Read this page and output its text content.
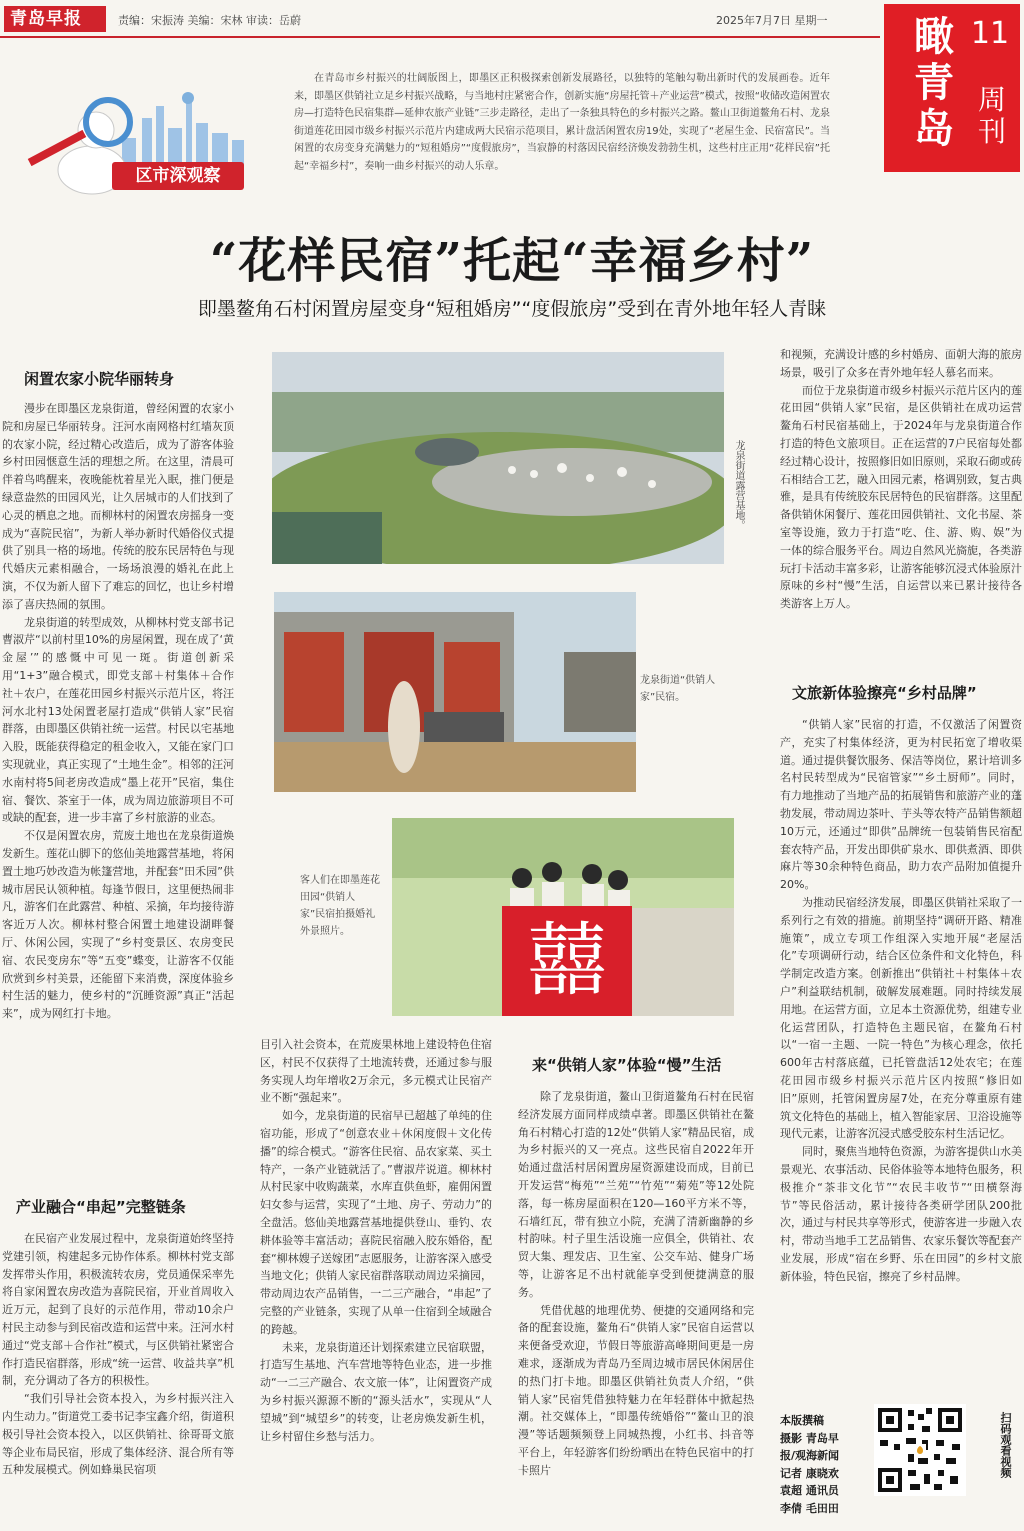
青岛早报	责编：宋振涛 美编：宋林 审读：岳蔚	2025年7月7日 星期一 瞰青岛
11
周刊
区市深观察
在青岛市乡村振兴的壮阔版图上，即墨区正积极探索创新发展路径，以独特的笔触勾勒出新时代的发展画卷。近年来，即墨区供销社立足乡村振兴战略，与当地村庄紧密合作，创新实施“房屋托管＋产业运营”模式，按照“收储改造闲置农房—打造特色民宿集群—延伸农旅产业链”三步走路径，走出了一条独具特色的乡村振兴之路。鳌山卫街道鳌角石村、龙泉街道莲花田园市级乡村振兴示范片内建成两大民宿示范项目，累计盘活闲置农房19处，实现了“老屋生金、民宿富民”。当闲置的农房变身充满魅力的“短租婚房”“度假旅房”，当寂静的村落因民宿经济焕发勃勃生机，这些村庄正用“花样民宿”托起“幸福乡村”，奏响一曲乡村振兴的动人乐章。
“花样民宿”托起“幸福乡村”
即墨鳌角石村闲置房屋变身“短租婚房”“度假旅房”受到在青外地年轻人青睐
闲置农家小院华丽转身

漫步在即墨区龙泉街道，曾经闲置的农家小院和房屋已华丽转身。汪河水南网格村红墙灰顶的农家小院，经过精心改造后，成为了游客体验乡村田园惬意生活的理想之所。在这里，清晨可伴着鸟鸣醒来，夜晚能枕着星光入眠，推门便是绿意盎然的田园风光，让久居城市的人们找到了心灵的栖息之地。而柳林村的闲置农房摇身一变成为“喜院民宿”，为新人举办新时代婚俗仪式提供了别具一格的场地。传统的胶东民居特色与现代婚庆元素相融合，一场场浪漫的婚礼在此上演，不仅为新人留下了难忘的回忆，也让乡村增添了喜庆热闹的氛围。

龙泉街道的转型成效，从柳林村党支部书记曹淑芹“以前村里10%的房屋闲置，现在成了‘黄金屋’”的感慨中可见一斑。街道创新采用“1+3”融合模式，即党支部＋村集体＋合作社＋农户，在莲花田园乡村振兴示范片区，将汪河水北村13处闲置老屋打造成“供销人家”民宿群落，由即墨区供销社统一运营。村民以宅基地入股，既能获得稳定的租金收入，又能在家门口实现就业，真正实现了“土地生金”。相邻的汪河水南村将5间老房改造成“墨上花开”民宿，集住宿、餐饮、茶室于一体，成为周边旅游项目不可或缺的配套，进一步丰富了乡村旅游的业态。

不仅是闲置农房，荒废土地也在龙泉街道焕发新生。莲花山脚下的悠仙美地露营基地，将闲置土地巧妙改造为帐篷营地，并配套“田禾园”供城市居民认领种植。每逢节假日，这里便热闹非凡，游客们在此露营、种植、采摘，年均接待游客近万人次。柳林村整合闲置土地建设湖畔餐厅、休闲公园，实现了“乡村变景区、农房变民宿、农民变房东”等“五变”蝶变，让游客不仅能欣赏到乡村美景，还能留下来消费，深度体验乡村生活的魅力，使乡村的“沉睡资源”真正“活起来”，成为网红打卡地。

产业融合“串起”完整链条

在民宿产业发展过程中，龙泉街道始终坚持党建引领，构建起多元协作体系。柳林村党支部发挥带头作用，积极流转农房，党员通保采率先将自家闲置农房改造为喜院民宿，开业首周收入近万元，起到了良好的示范作用，带动10余户村民主动参与到民宿改造和运营中来。汪河水村通过“党支部＋合作社”模式，与区供销社紧密合作打造民宿群落，形成“统一运营、收益共享”机制，充分调动了各方的积极性。

“我们引导社会资本投入，为乡村振兴注入内生动力。”街道党工委书记李宝鑫介绍，街道积极引导社会资本投入，以区供销社、徐哥哥文旅等企业布局民宿，形成了集体经济、混合所有等五种发展模式。例如蜂巢民宿项

龙泉街道露营基地。
龙泉街道“供销人家”民宿。
囍
客人们在即墨莲花田园“供销人家”民宿拍摄婚礼外景照片。

目引入社会资本，在荒废果林地上建设特色住宿区，村民不仅获得了土地流转费，还通过参与服务实现人均年增收2万余元，多元模式让民宿产业不断“强起来”。

如今，龙泉街道的民宿早已超越了单纯的住宿功能，形成了“创意农业＋休闲度假＋文化传播”的综合模式。“游客住民宿、品农家菜、买土特产，一条产业链就活了。”曹淑芹说道。柳林村从村民家中收购蔬菜，水库直供鱼虾，雇佣闲置妇女参与运营，实现了“土地、房子、劳动力”的全盘活。悠仙美地露营基地提供登山、垂钓、农耕体验等丰富活动；喜院民宿融入胶东婚俗，配套“柳林嫂子送嫁团”志愿服务，让游客深入感受当地文化；供销人家民宿群落联动周边采摘园，带动周边农产品销售，一二三产融合，“串起”了完整的产业链条，实现了从单一住宿到全域融合的跨越。

未来，龙泉街道还计划探索建立民宿联盟，打造写生基地、汽车营地等特色业态，进一步推动“一二三产融合、农文旅一体”，让闲置资产成为乡村振兴源源不断的“源头活水”，实现从“人望城”到“城望乡”的转变，让老房焕发新生机，让乡村留住乡愁与活力。

来“供销人家”体验“慢”生活

除了龙泉街道，鳌山卫街道鳌角石村在民宿经济发展方面同样成绩卓著。即墨区供销社在鳌角石村精心打造的12处“供销人家”精品民宿，成为乡村振兴的又一亮点。这些民宿自2022年开始通过盘活村居闲置房屋资源建设而成，目前已开发运营“梅苑”“兰苑”“竹苑”“菊苑”等12处院落，每一栋房屋面积在120—160平方米不等，石墙红瓦，带有独立小院，充满了清新幽静的乡村韵味。村子里生活设施一应俱全，供销社、农贸大集、理发店、卫生室、公交车站、健身广场等，让游客足不出村就能享受到便捷满意的服务。

凭借优越的地理优势、便捷的交通网络和完备的配套设施，鳌角石“供销人家”民宿自运营以来便备受欢迎，节假日等旅游高峰期间更是一房难求，逐渐成为青岛乃至周边城市居民休闲居住的热门打卡地。即墨区供销社负责人介绍，“供销人家”民宿凭借独特魅力在年轻群体中掀起热潮。社交媒体上，“即墨传统婚俗”“鳌山卫的浪漫”等话题频频登上同城热搜，小红书、抖音等平台上，年轻游客们纷纷晒出在特色民宿中的打卡照片

和视频，充满设计感的乡村婚房、面朝大海的旅房场景，吸引了众多在青外地年轻人慕名而来。

而位于龙泉街道市级乡村振兴示范片区内的莲花田园“供销人家”民宿，是区供销社在成功运营鳌角石村民宿基础上，于2024年与龙泉街道合作打造的特色文旅项目。正在运营的7户民宿每处都经过精心设计，按照修旧如旧原则，采取石砌或砖石相结合工艺，融入田园元素，格调别致，复古典雅，是具有传统胶东民居特色的民宿群落。这里配备供销休闲餐厅、莲花田园供销社、文化书屋、茶室等设施，致力于打造“吃、住、游、购、娱”为一体的综合服务平台。周边自然风光旖旎，各类游玩打卡活动丰富多彩，让游客能够沉浸式体验原汁原味的乡村“慢”生活，自运营以来已累计接待各类游客上万人。

文旅新体验擦亮“乡村品牌”

“供销人家”民宿的打造，不仅激活了闲置资产，充实了村集体经济，更为村民拓宽了增收渠道。通过提供餐饮服务、保洁等岗位，累计培训多名村民转型成为“民宿管家”“乡土厨师”。同时，有力地推动了当地产品的拓展销售和旅游产业的蓬勃发展，带动周边茶叶、芋头等农特产品销售额超10万元，还通过“即供”品牌统一包装销售民宿配套农特产品，开发出即供矿泉水、即供煮酒、即供麻片等30余种特色商品，助力农产品附加值提升20%。

为推动民宿经济发展，即墨区供销社采取了一系列行之有效的措施。前期坚持“调研开路、精准施策”，成立专项工作组深入实地开展“老屋活化”专项调研行动，结合区位条件和文化特色，科学制定改造方案。创新推出“供销社＋村集体＋农户”利益联结机制，破解发展难题。同时持续发展用地。在运营方面，立足本土资源优势，组建专业化运营团队，打造特色主题民宿，在鳌角石村以“一宿一主题、一院一特色”为核心理念，依托600年古村落底蕴，已托管盘活12处农宅；在莲花田园市级乡村振兴示范片区内按照“修旧如旧”原则，托管闲置房屋7处，在充分尊重原有建筑文化特色的基础上，植入智能家居、卫浴设施等现代元素，让游客沉浸式感受胶东村生活记忆。

同时，聚焦当地特色资源，为游客提供山水美景观光、农事活动、民俗体验等本地特色服务，积极推介“茶非文化节”“农民丰收节”“田横祭海节”等民俗活动，累计接待各类研学团队200批次，通过与村民共享等形式，使游客进一步融入农村，带动当地手工艺品销售、农家乐餐饮等配套产业发展，形成“宿在乡野、乐在田园”的乡村文旅新体验，特色民宿，擦亮了乡村品牌。

本版撰稿
摄影 青岛早
报/观海新闻
记者 康晓欢
袁超 通讯员
李倩 毛田田
扫码观看视频
